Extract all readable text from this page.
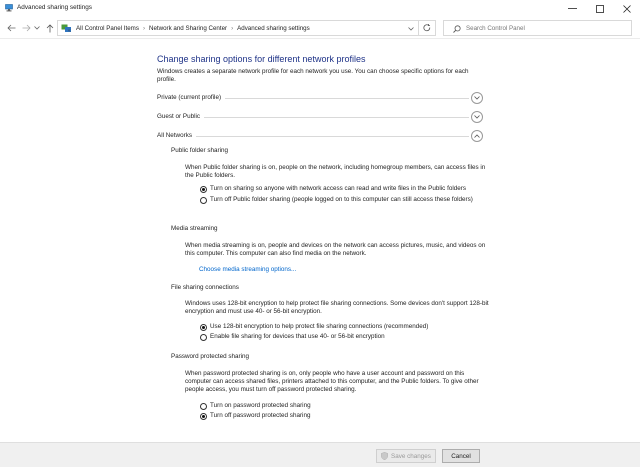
Advanced sharing settings
« All Control Panel Items › Network and Sharing Center › Advanced sharing settings	Search Control Panel
Change sharing options for different network profiles
Windows creates a separate network profile for each network you use. You can choose specific options for each profile.
Private (current profile)
Guest or Public
All Networks
Public folder sharing
When Public folder sharing is on, people on the network, including homegroup members, can access files in the Public folders.
Turn on sharing so anyone with network access can read and write files in the Public folders
Turn off Public folder sharing (people logged on to this computer can still access these folders)
Media streaming
When media streaming is on, people and devices on the network can access pictures, music, and videos on this computer. This computer can also find media on the network.
Choose media streaming options...
File sharing connections
Windows uses 128-bit encryption to help protect file sharing connections. Some devices don't support 128-bit encryption and must use 40- or 56-bit encryption.
Use 128-bit encryption to help protect file sharing connections (recommended)
Enable file sharing for devices that use 40- or 56-bit encryption
Password protected sharing
When password protected sharing is on, only people who have a user account and password on this computer can access shared files, printers attached to this computer, and the Public folders. To give other people access, you must turn off password protected sharing.
Turn on password protected sharing
Turn off password protected sharing
Save changes	Cancel
